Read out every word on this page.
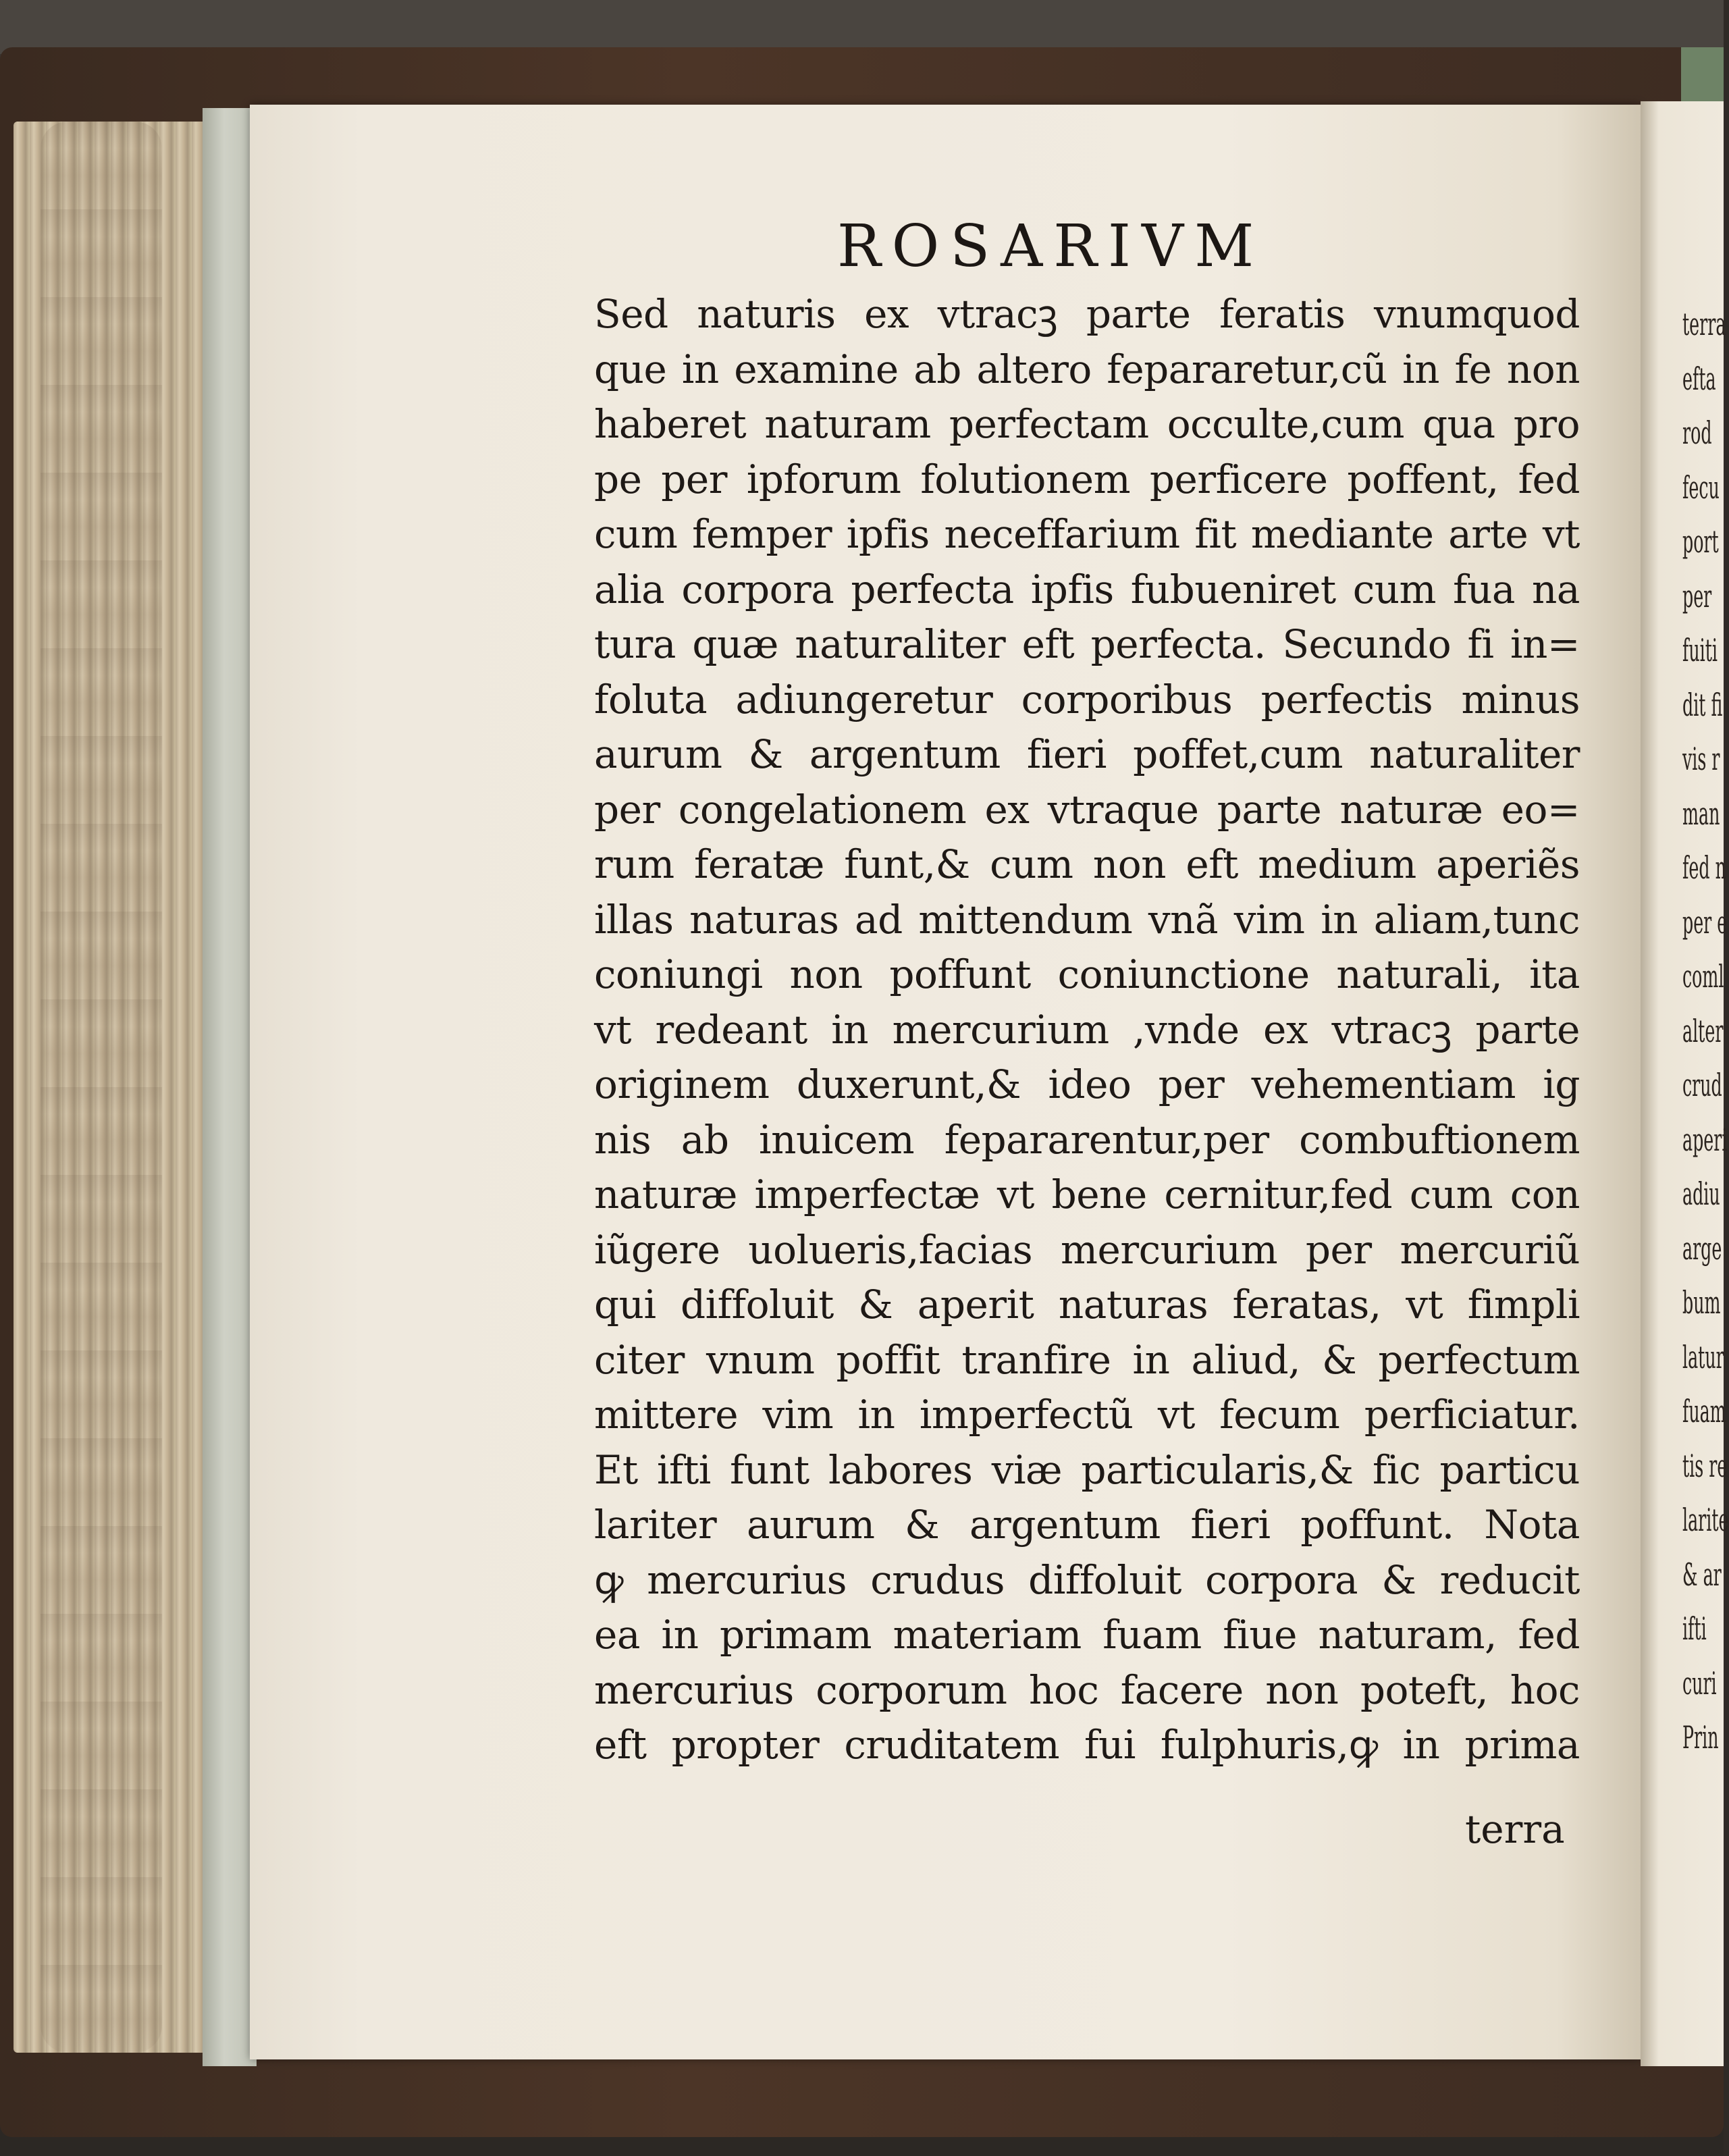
ROSARIVM
Sed naturis ex vtracꝫ parte feratis vnumquod
que in examine ab altero fepararetur,cũ in fe non
haberet naturam perfectam occulte,cum qua pro
pe per ipforum folutionem perficere poffent, fed
cum femper ipfis neceffarium fit mediante arte vt
alia corpora perfecta ipfis fubueniret cum fua na
tura quæ naturaliter eft perfecta. Secundo fi in=
foluta adiungeretur corporibus perfectis minus
aurum & argentum fieri poffet,cum naturaliter
per congelationem ex vtraque parte naturæ eo=
rum feratæ funt,& cum non eft medium aperiẽs
illas naturas ad mittendum vnã vim in aliam,tunc
coniungi non poffunt coniunctione naturali, ita
vt redeant in mercurium ,vnde ex vtracꝫ parte
originem duxerunt,& ideo per vehementiam ig
nis ab inuicem fepararentur,per combuftionem
naturæ imperfectæ vt bene cernitur,fed cum con
iũgere uolueris,facias mercurium per mercuriũ
qui diffoluit & aperit naturas feratas, vt fimpli
citer vnum poffit tranfire in aliud, & perfectum
mittere vim in imperfectũ vt fecum perficiatur.
Et ifti funt labores viæ particularis,& fic particu
lariter aurum & argentum fieri poffunt. Nota
ꝙ mercurius crudus diffoluit corpora & reducit
ea in primam materiam fuam fiue naturam, fed
mercurius corporum hoc facere non poteft, hoc
eft propter cruditatem fui fulphuris,ꝙ in prima
terra
terra
efta
rod
fecu
port
per
fuiti
dit fi
vis r
man
fed n
per e
coml
alter
crud
aperi
adiu
arge
bum
latur
fuam
tis re
larite
& ar
ifti
curi
Prin
